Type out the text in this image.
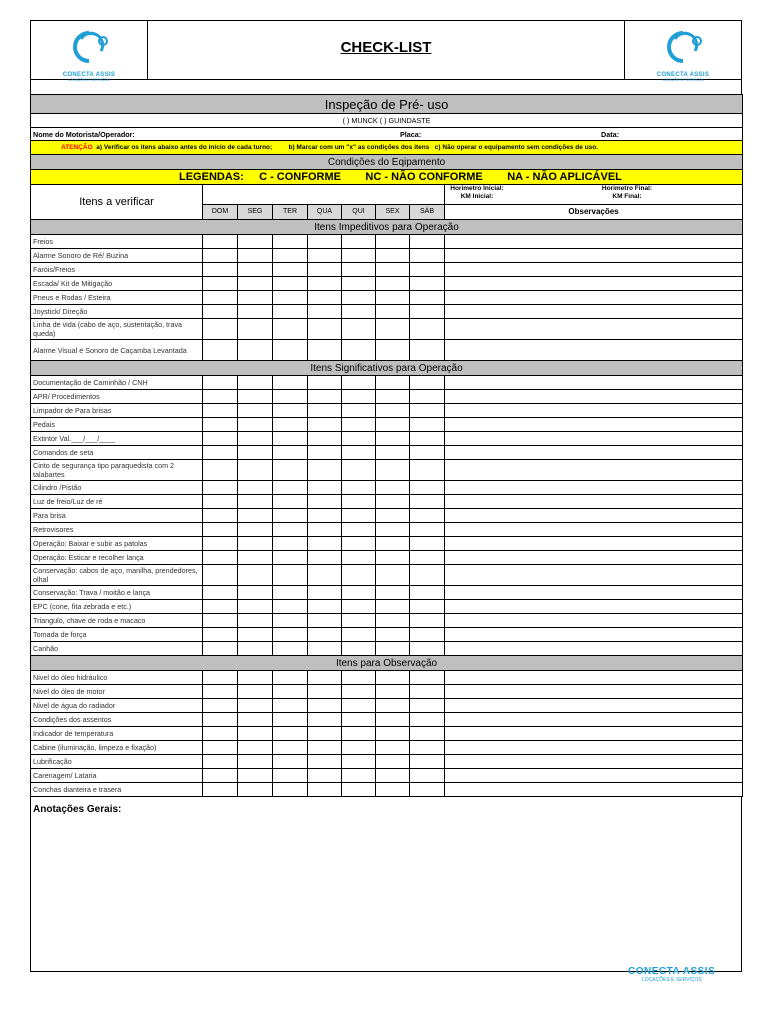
CONECTA ASSIS
LOCAÇÕES E SERVIÇOS
CHECK-LIST
CONECTA ASSIS
LOCAÇÕES E SERVIÇOS
Inspeção de Pré- uso								
( ) MUNCK ( ) GUINDASTE								

Nome do Motorista/Operador: Placa: Data:								

ATENÇÃO a) Verificar os itens abaixo antes do início de cada turno; b) Marcar com um "x" as condições dos itens c) Não operar o equipamento sem condições de uso.								
Condições do Eqipamento								
LEGENDAS: C - CONFORME NC - NÃO CONFORME NA - NÃO APLICÁVEL								
Itens a verificar								Horimetro Inicial:
KM Inicial:
Horimetro Final:
KM Final:

	DOM	SEG	TER	QUA	QUI	SEX	SÁB	Observações
Itens Impeditivos para Operação								
Freios								
Alarme Sonoro de Ré/ Buzina								
Faróis/Freios								
Escada/ Kit de Mitigação								
Pneus e Rodas / Esteira								
Joystick/ Direção								
Linha de vida (cabo de aço, sustentação, trava queda)								
Alarme Visual e Sonoro de Caçamba Levantada								
Itens Significativos para Operação								
Documentação de Caminhão / CNH								
APR/ Procedimentos								
Limpador de Para brisas								
Pedais								
Extintor Val.___/___/____								
Comandos de seta								
Cinto de segurança tipo paraquedista com 2 talabartes								
Cilindro /Pistão								
Luz de freio/Luz de ré								
Para brisa								
Retrovisores								
Operação: Baixar e subir as patolas								
Operação: Esticar e recolher lança								
Conservação: cabos de aço, manilha, prendedores, olhal								
Conservação: Trava / moitão e lança								
EPC (cone, fita zebrada e etc.)								
Triangulo, chave de roda e macaco								
Tomada de força								
Canhão								
Itens para Observação								
Nivel do óleo hidráulico								
Nivel do óleo de motor								
Nivel de água do radiador								
Condições dos assentos								
Indicador de temperatura								
Cabine (iluminação, limpeza e fixação)								
Lubrificação								
Carenagem/ Lataria								
Conchas dianteira e trasera								
Anotações Gerais:
CONECTA ASSIS
LOCAÇÕES E SERVIÇOS
